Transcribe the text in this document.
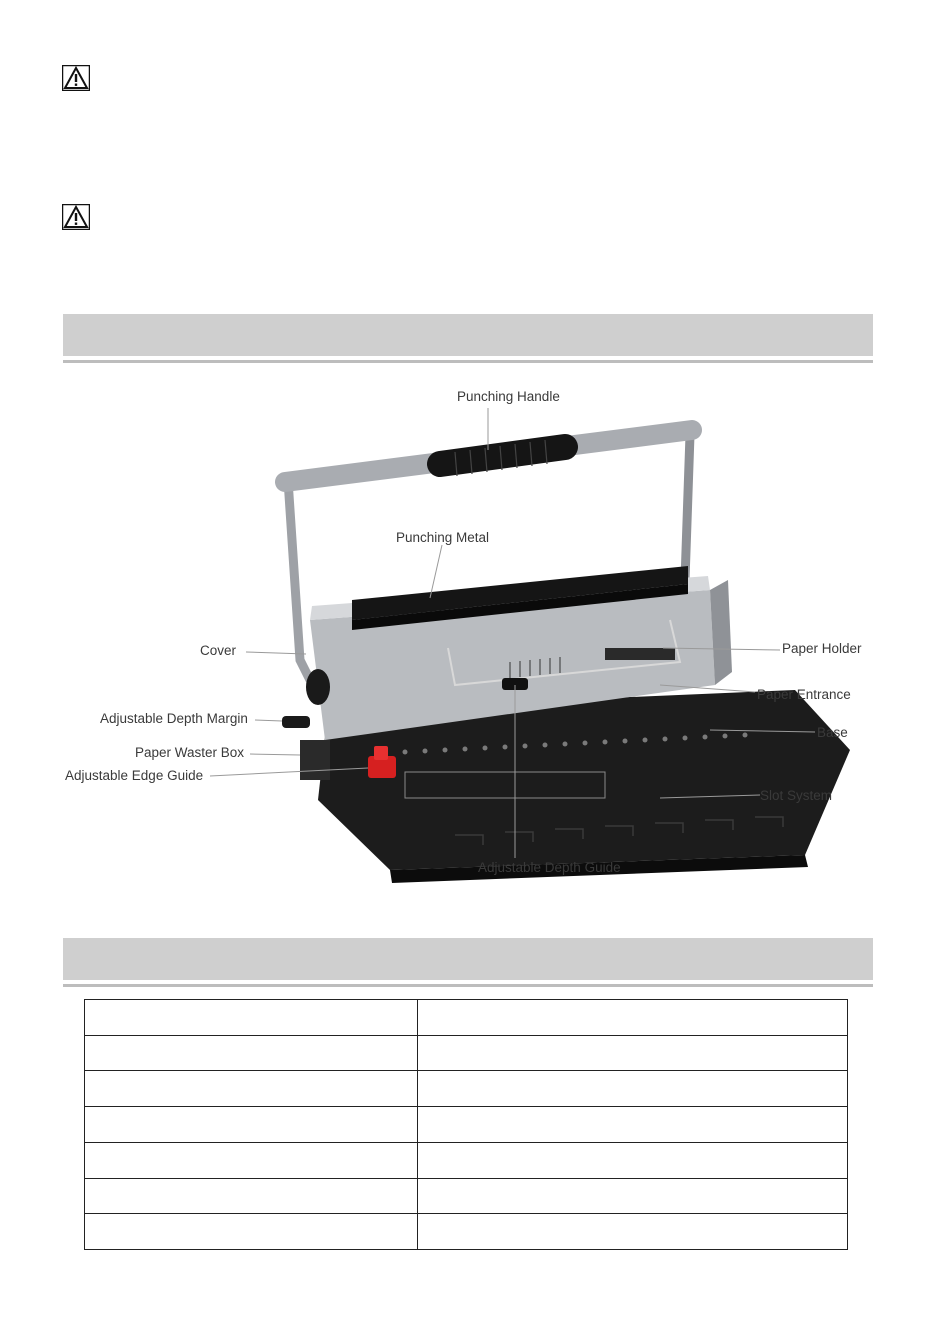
Punching Handle
Punching Metal
Cover	Paper Holder
Paper Entrance
Adjustable Depth Margin
Base
Paper Waster Box
Adjustable Edge Guide
Slot System
Adjustable Depth Guide
